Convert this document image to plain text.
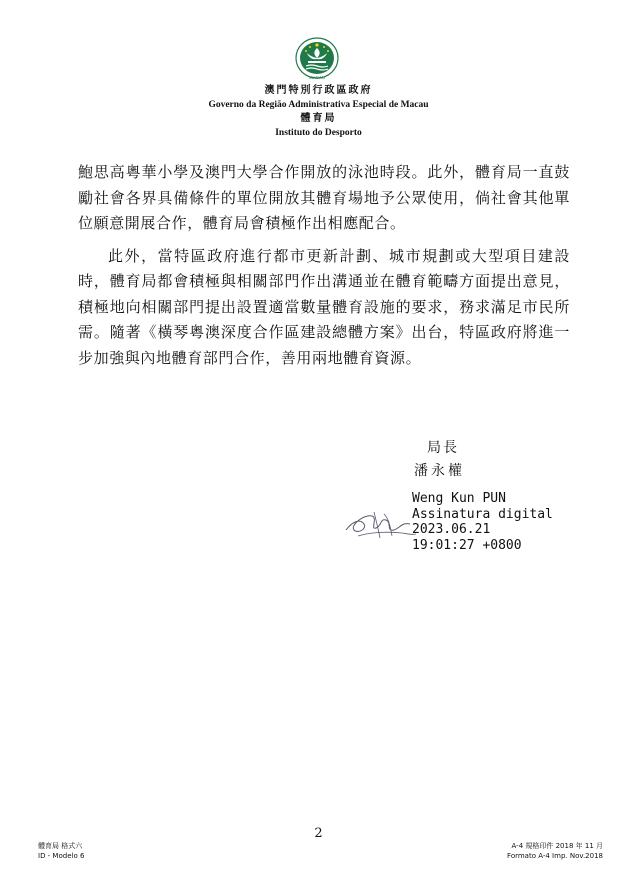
MACAU
澳門特別行政區政府
Governo da Região Administrativa Especial de Macau
體育局
Instituto do Desporto

鮑思高粵華小學及澳門大學合作開放的泳池時段。此外，體育局一直鼓勵社會各界具備條件的單位開放其體育場地予公眾使用，倘社會其他單位願意開展合作，體育局會積極作出相應配合。

此外，當特區政府進行都市更新計劃、城市規劃或大型項目建設時，體育局都會積極與相關部門作出溝通並在體育範疇方面提出意見，積極地向相關部門提出設置適當數量體育設施的要求，務求滿足市民所需。隨著《橫琴粵澳深度合作區建設總體方案》出台，特區政府將進一步加強與內地體育部門合作，善用兩地體育資源。

局長
潘永權
Weng Kun PUN
Assinatura digital
2023.06.21
19:01:27 +0800
2
體育局 格式六
ID - Modelo 6
A-4 規格印件 2018 年 11 月
Formato A-4 Imp. Nov.2018
